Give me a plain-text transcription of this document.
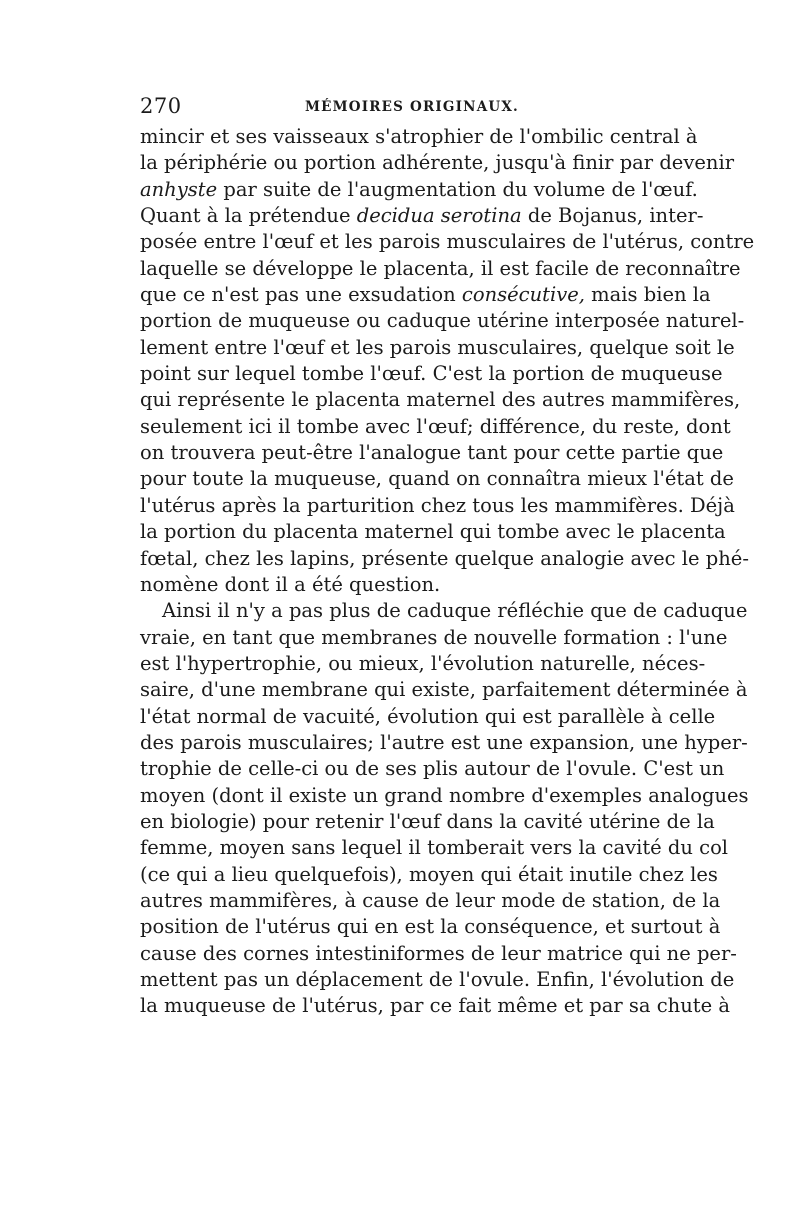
270	MÉMOIRES ORIGINAUX.
mincir et ses vaisseaux s'atrophier de l'ombilic central à
la périphérie ou portion adhérente, jusqu'à finir par devenir
anhyste par suite de l'augmentation du volume de l'œuf.
Quant à la prétendue decidua serotina de Bojanus, inter-
posée entre l'œuf et les parois musculaires de l'utérus, contre
laquelle se développe le placenta, il est facile de reconnaître
que ce n'est pas une exsudation consécutive, mais bien la
portion de muqueuse ou caduque utérine interposée naturel-
lement entre l'œuf et les parois musculaires, quelque soit le
point sur lequel tombe l'œuf. C'est la portion de muqueuse
qui représente le placenta maternel des autres mammifères,
seulement ici il tombe avec l'œuf; différence, du reste, dont
on trouvera peut-être l'analogue tant pour cette partie que
pour toute la muqueuse, quand on connaîtra mieux l'état de
l'utérus après la parturition chez tous les mammifères. Déjà
la portion du placenta maternel qui tombe avec le placenta
fœtal, chez les lapins, présente quelque analogie avec le phé-
nomène dont il a été question.
Ainsi il n'y a pas plus de caduque réfléchie que de caduque
vraie, en tant que membranes de nouvelle formation : l'une
est l'hypertrophie, ou mieux, l'évolution naturelle, néces-
saire, d'une membrane qui existe, parfaitement déterminée à
l'état normal de vacuité, évolution qui est parallèle à celle
des parois musculaires; l'autre est une expansion, une hyper-
trophie de celle-ci ou de ses plis autour de l'ovule. C'est un
moyen (dont il existe un grand nombre d'exemples analogues
en biologie) pour retenir l'œuf dans la cavité utérine de la
femme, moyen sans lequel il tomberait vers la cavité du col
(ce qui a lieu quelquefois), moyen qui était inutile chez les
autres mammifères, à cause de leur mode de station, de la
position de l'utérus qui en est la conséquence, et surtout à
cause des cornes intestiniformes de leur matrice qui ne per-
mettent pas un déplacement de l'ovule. Enfin, l'évolution de
la muqueuse de l'utérus, par ce fait même et par sa chute à
